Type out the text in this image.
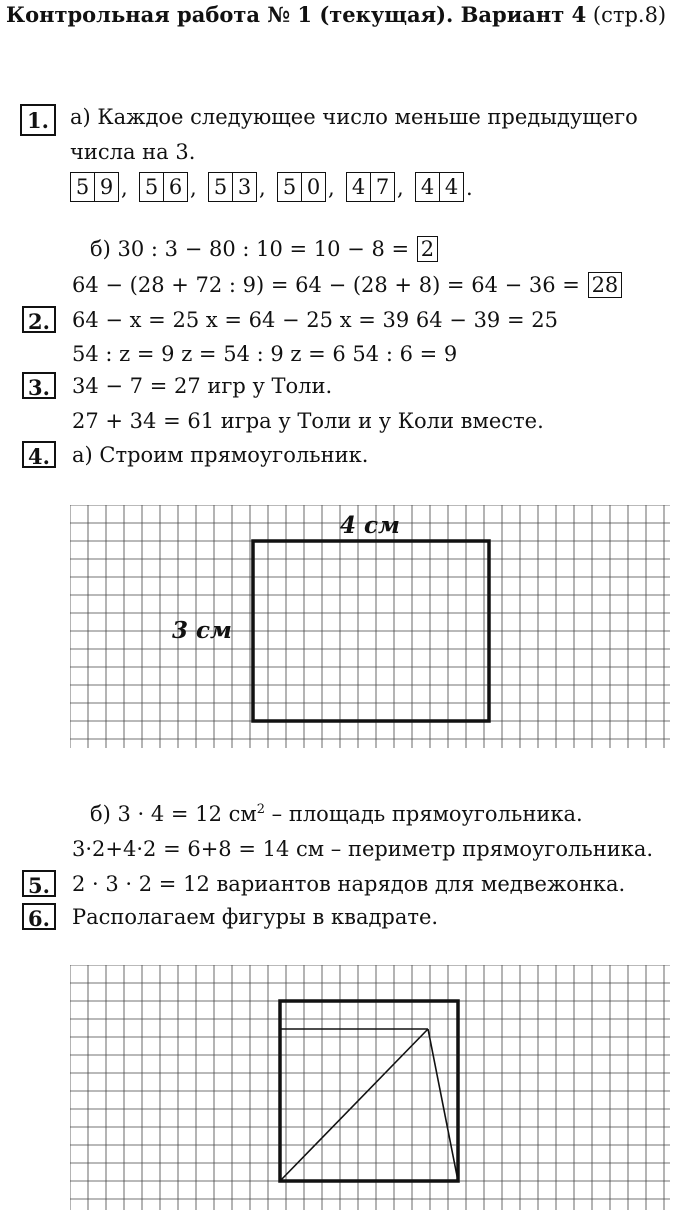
Контрольная работа № 1 (текущая). Вариант 4 (стр.8)
1.	а) Каждое следующее число меньше предыдущего
числа на 3.
5 9 , 5 6 , 5 3 , 5 0 , 4 7 , 4 4 .
б) 30 : 3 − 80 : 10 = 10 − 8 = 2
64 − (28 + 72 : 9) = 64 − (28 + 8) = 64 − 36 = 28
2. 64 − x = 25 x = 64 − 25 x = 39 64 − 39 = 25
54 : z = 9 z = 54 : 9 z = 6 54 : 6 = 9
3. 34 − 7 = 27 игр у Толи.
27 + 34 = 61 игра у Толи и у Коли вместе.
4. а) Строим прямоугольник.
4 см
3 см
б) 3 · 4 = 12 $см^2$ – площадь прямоугольника.
3·2+4·2 = 6+8 = 14 см – периметр прямоугольника.
5. 2 · 3 · 2 = 12 вариантов нарядов для медвежонка.
6. Располагаем фигуры в квадрате.
